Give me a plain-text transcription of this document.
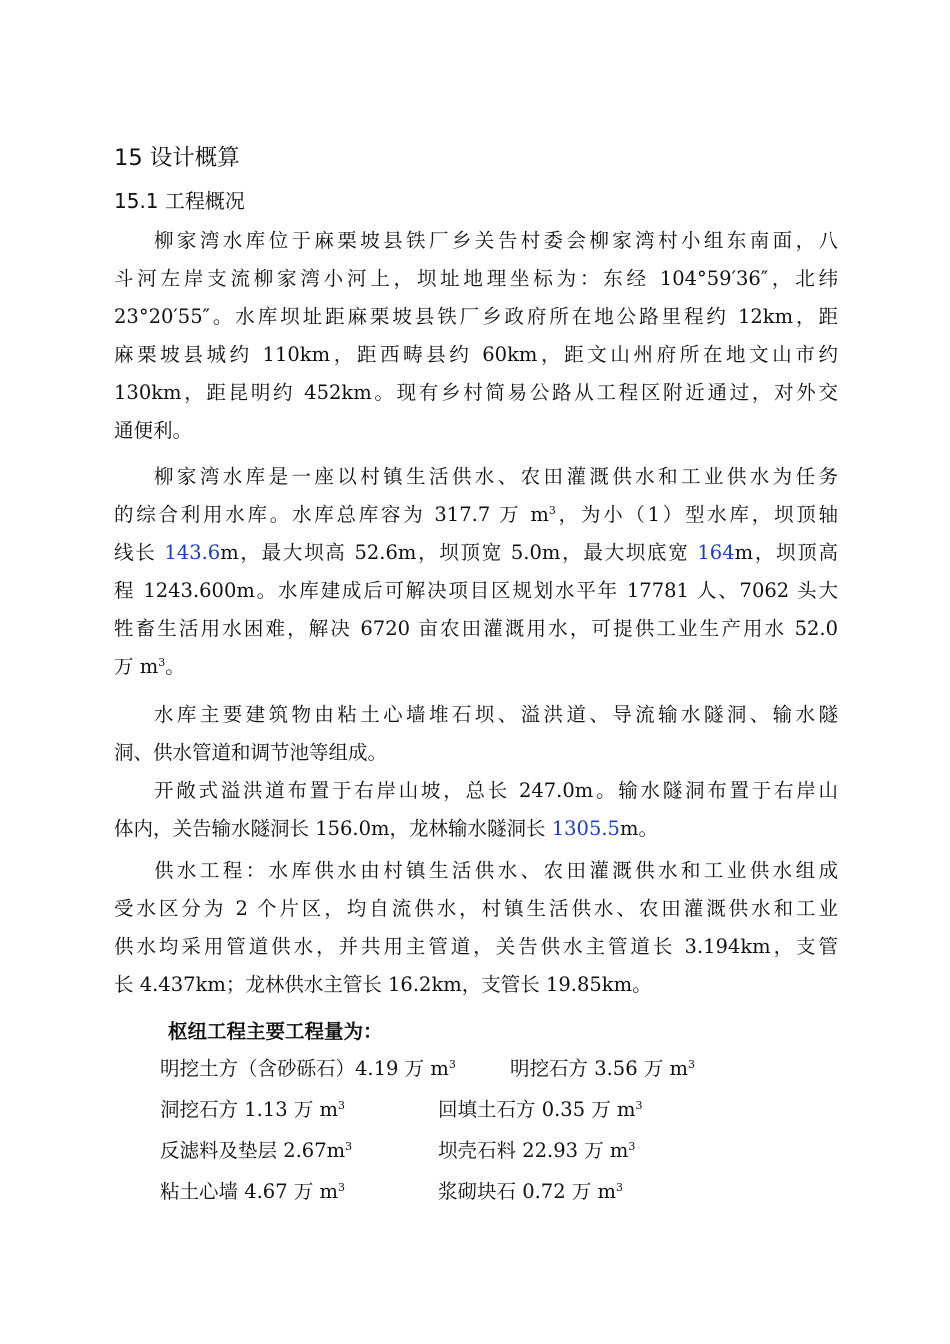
15 设计概算
15.1 工程概况
柳家湾水库位于麻栗坡县铁厂乡关告村委会柳家湾村小组东南面，八
斗河左岸支流柳家湾小河上，坝址地理坐标为：东经 104°59′36″，北纬
23°20′55″。水库坝址距麻栗坡县铁厂乡政府所在地公路里程约 12km，距
麻栗坡县城约 110km，距西畴县约 60km，距文山州府所在地文山市约
130km，距昆明约 452km。现有乡村简易公路从工程区附近通过，对外交
通便利。
柳家湾水库是一座以村镇生活供水、农田灌溉供水和工业供水为任务
的综合利用水库。水库总库容为 317.7 万 $m^3$，为小（1）型水库，坝顶轴
线长 143.6m，最大坝高 52.6m，坝顶宽 5.0m，最大坝底宽 164m，坝顶高
程 1243.600m。水库建成后可解决项目区规划水平年 17781 人、7062 头大
牲畜生活用水困难，解决 6720 亩农田灌溉用水，可提供工业生产用水 52.0
万 $m^3$。
水库主要建筑物由粘土心墙堆石坝、溢洪道、导流输水隧洞、输水隧
洞、供水管道和调节池等组成。
开敞式溢洪道布置于右岸山坡，总长 247.0m。输水隧洞布置于右岸山
体内，关告输水隧洞长 156.0m，龙林输水隧洞长 1305.5m。
供水工程：水库供水由村镇生活供水、农田灌溉供水和工业供水组成
受水区分为 2 个片区，均自流供水，村镇生活供水、农田灌溉供水和工业
供水均采用管道供水，并共用主管道，关告供水主管道长 3.194km，支管
长 4.437km；龙林供水主管长 16.2km，支管长 19.85km。
枢纽工程主要工程量为：
明挖土方（含砂砾石）4.19 万 $m^3$	明挖石方 3.56 万 $m^3$
洞挖石方 1.13 万 $m^3$	回填土石方 0.35 万 $m^3$
反滤料及垫层 $2.67m^3$	坝壳石料 22.93 万 $m^3$
粘土心墙 4.67 万 $m^3$	浆砌块石 0.72 万 $m^3$
